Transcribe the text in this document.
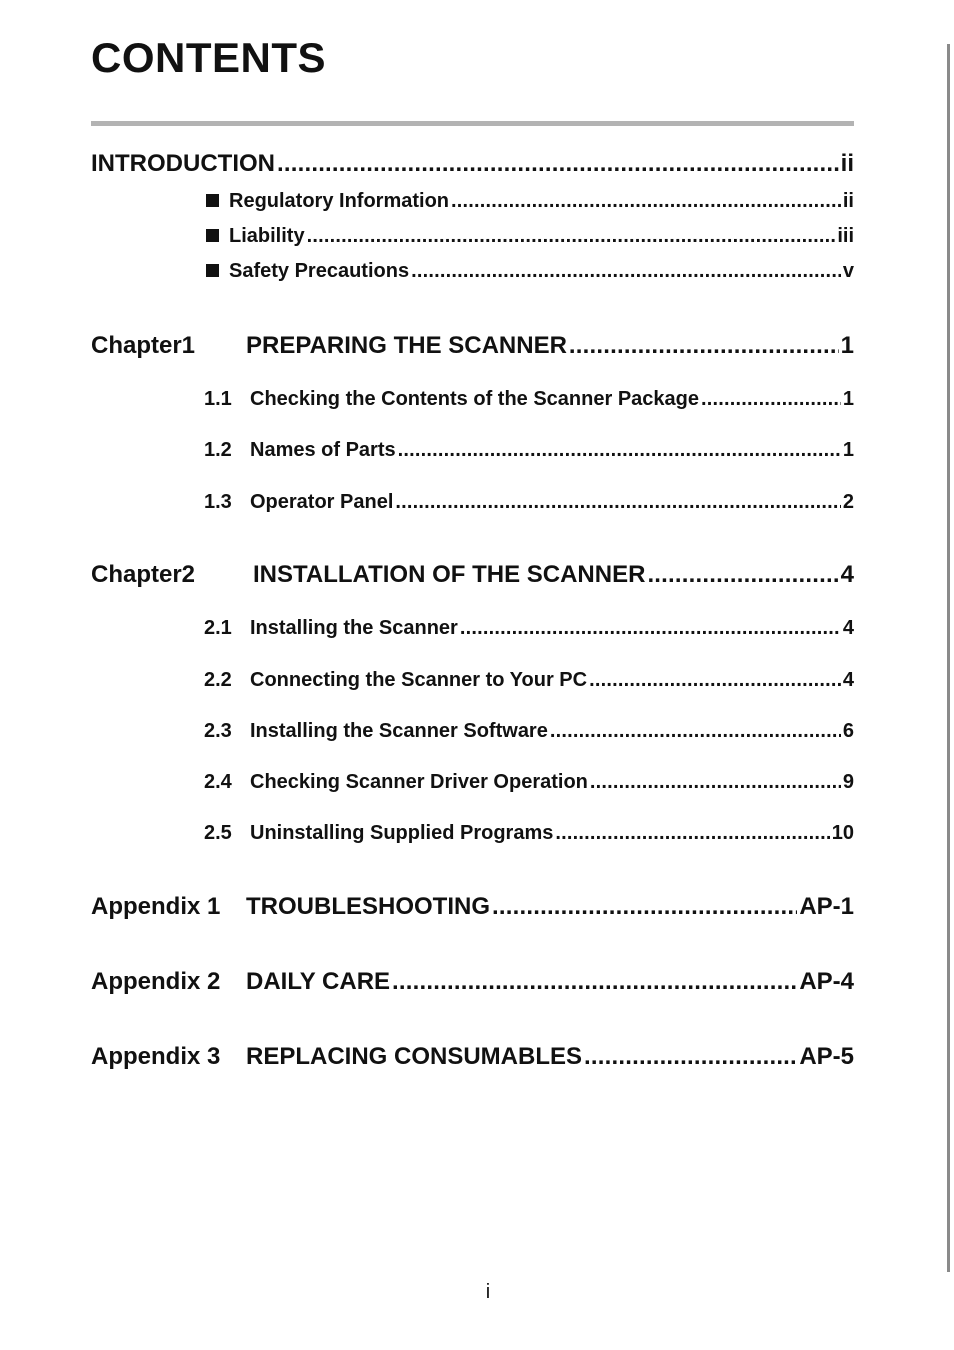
CONTENTS
INTRODUCTION .....	ii
Regulatory Information .....	ii
Liability .....	iii
Safety Precautions .....	v
Chapter1 PREPARING THE SCANNER .....	1
1.1 Checking the Contents of the Scanner Package .....	1
1.2 Names of Parts .....	1
1.3 Operator Panel .....	2
Chapter2 INSTALLATION OF THE SCANNER .....	4
2.1 Installing the Scanner .....	4
2.2 Connecting the Scanner to Your PC .....	4
2.3 Installing the Scanner Software .....	6
2.4 Checking Scanner Driver Operation .....	9
2.5 Uninstalling Supplied Programs .....	10
Appendix 1 TROUBLESHOOTING .....	AP-1
Appendix 2 DAILY CARE .....	AP-4
Appendix 3 REPLACING CONSUMABLES .....	AP-5
i
